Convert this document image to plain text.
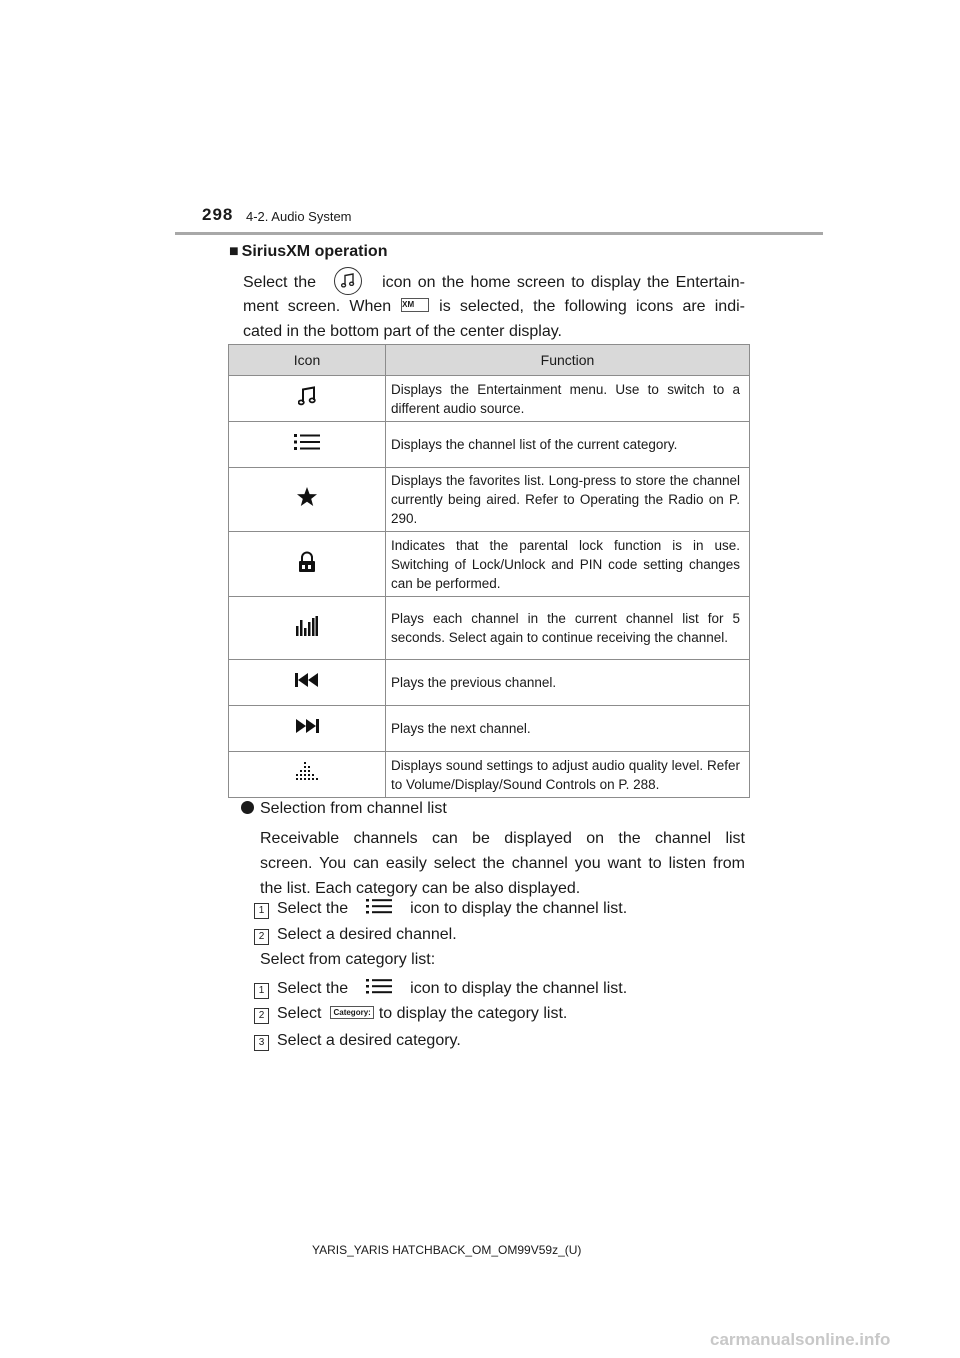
298 4-2. Audio System
■ SiriusXM operation
Select the	icon on the home screen to display the Entertain-
ment screen. When XM is selected, the following icons are indi-
cated in the bottom part of the center display.
Icon	Function
	Displays the Entertainment menu. Use to switch to a different audio source.
	Displays the channel list of the current category.
	Displays the favorites list. Long-press to store the channel currently being aired. Refer to Operating the Radio on P. 290.
	Indicates that the parental lock function is in use. Switching of Lock/Unlock and PIN code setting changes can be performed.
	Plays each channel in the current channel list for 5 seconds. Select again to continue receiving the channel.
	Plays the previous channel.
	Plays the next channel.
	Displays sound settings to adjust audio quality level. Refer to Volume/Display/Sound Controls on P. 288.
Selection from channel list
Receivable channels can be displayed on the channel list
screen. You can easily select the channel you want to listen from
the list. Each category can be also displayed.
1 Select the	icon to display the channel list.
2 Select a desired channel.
Select from category list:
1 Select the	icon to display the channel list.
2 Select Category: to display the category list.
3 Select a desired category.
YARIS_YARIS HATCHBACK_OM_OM99V59z_(U)
carmanualsonline.info
